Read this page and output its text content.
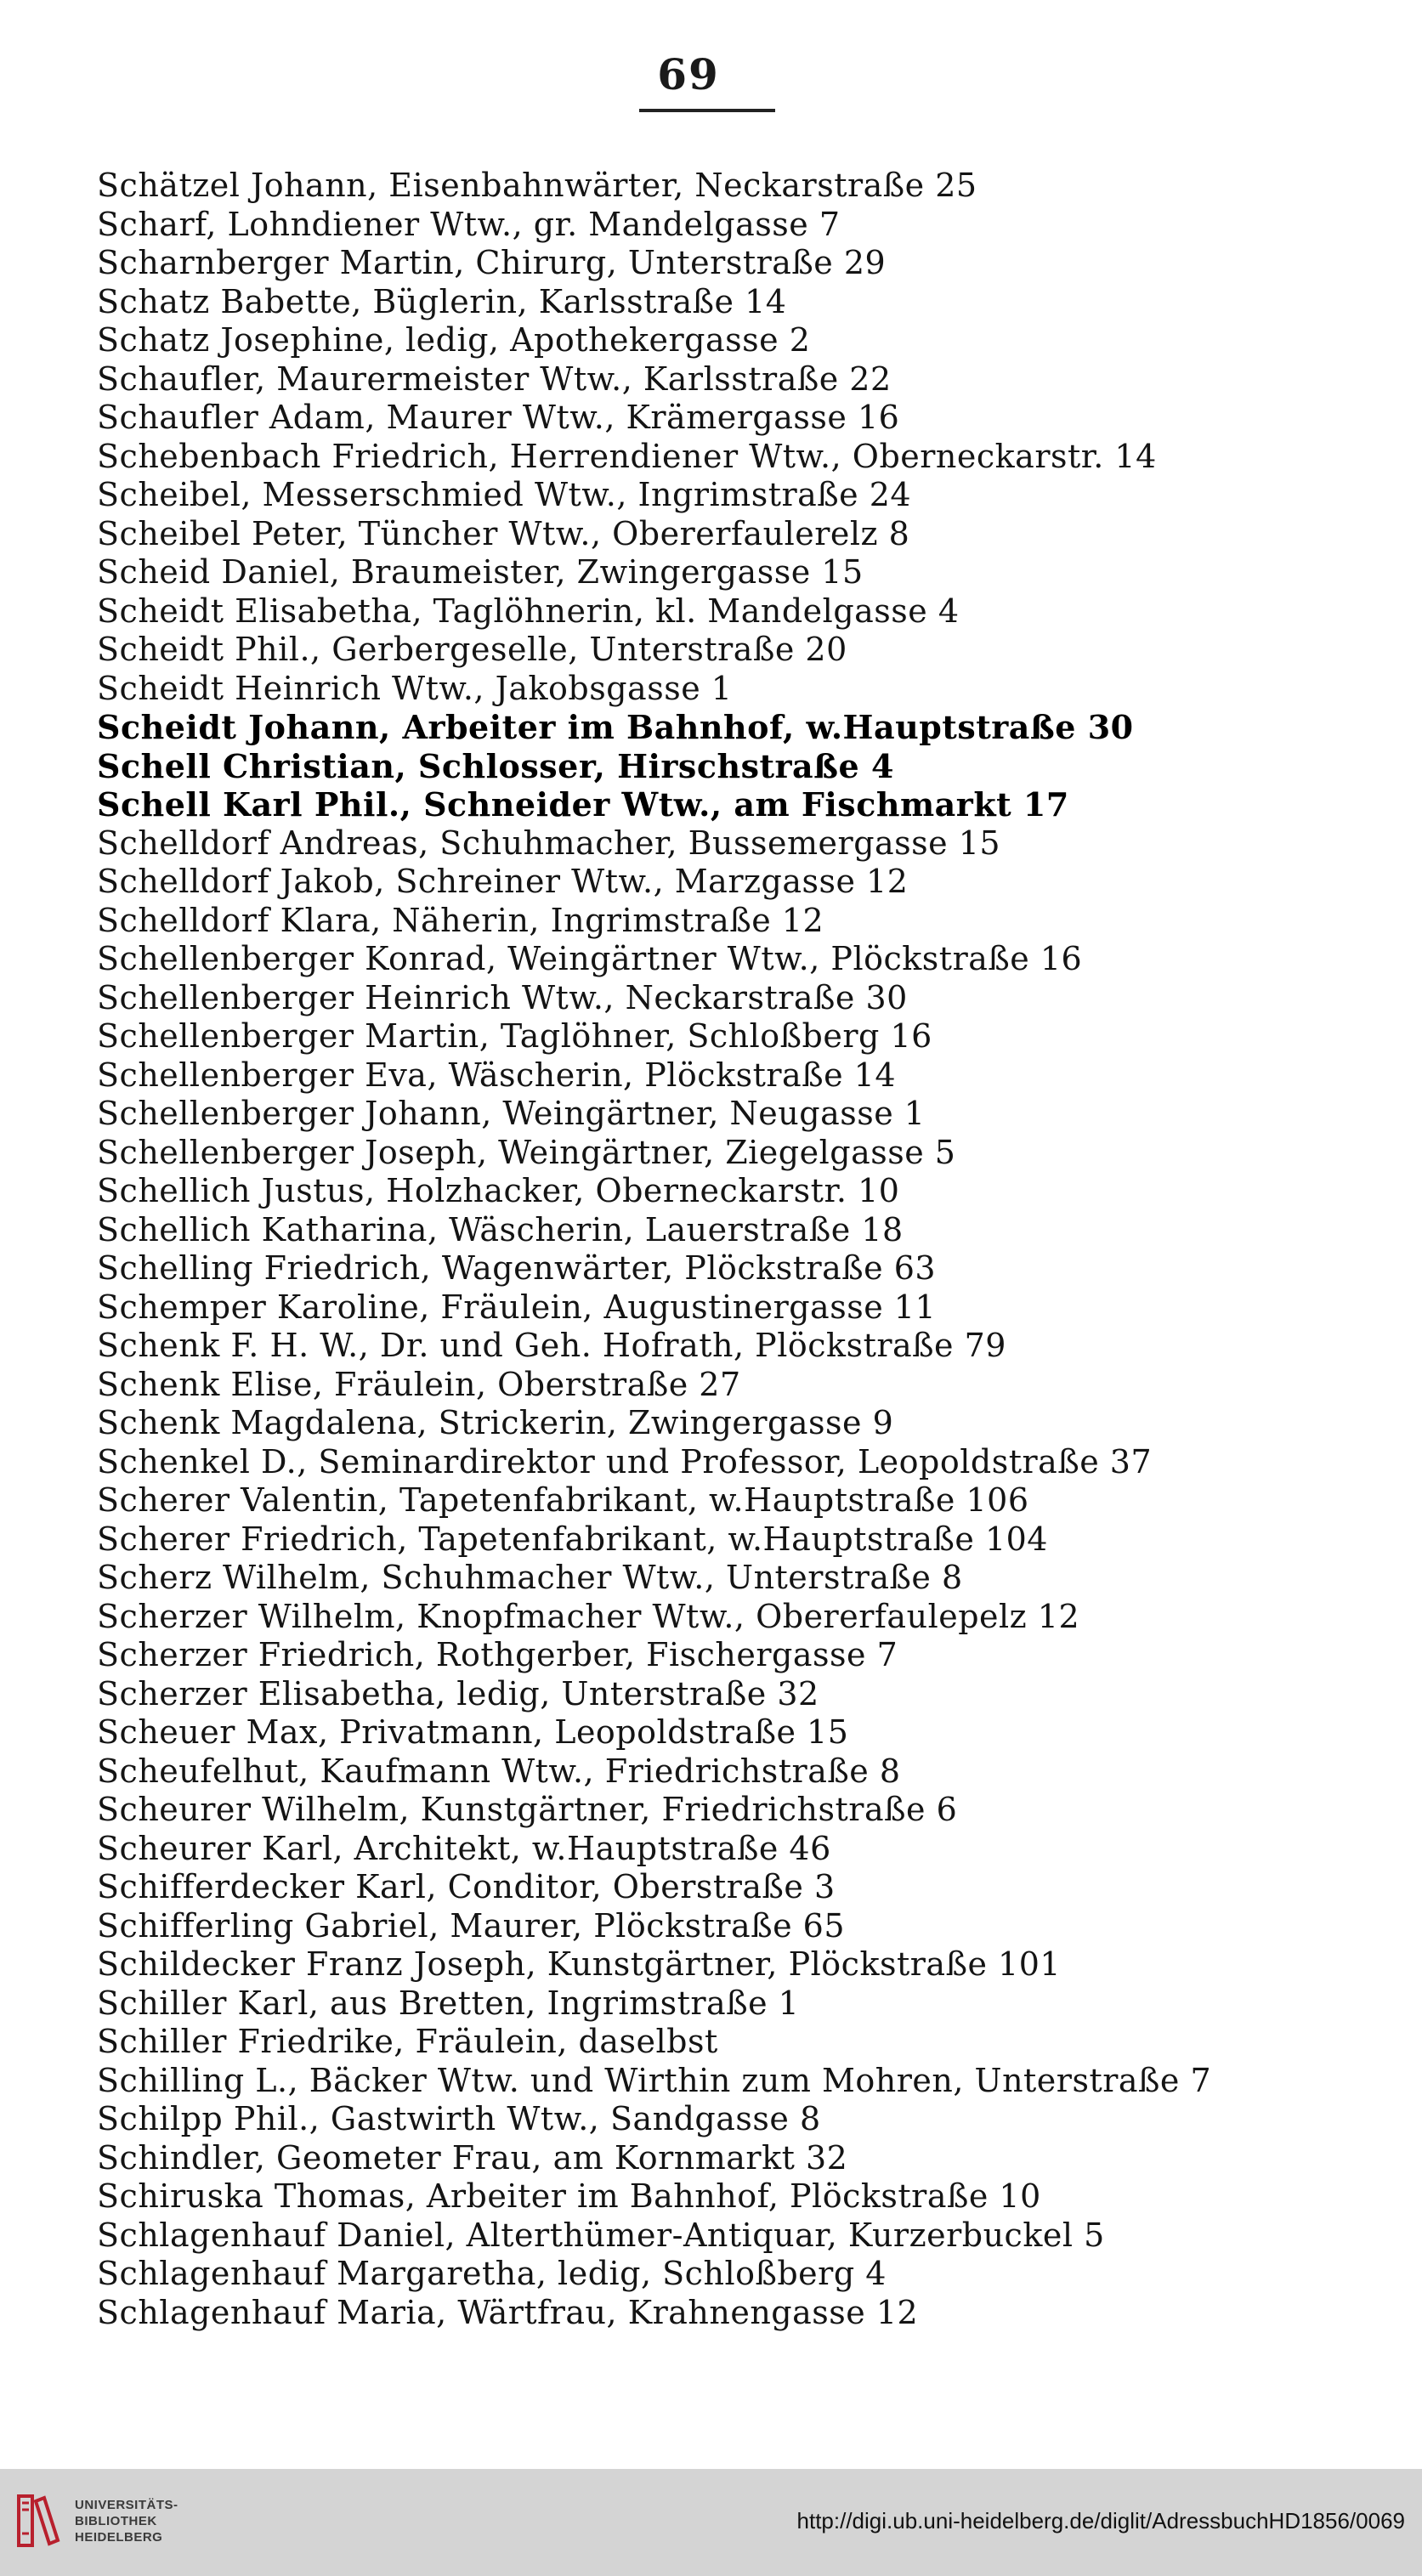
69
Schätzel Johann, Eisenbahnwärter, Neckarstraße 25
Scharf, Lohndiener Wtw., gr. Mandelgasse 7
Scharnberger Martin, Chirurg, Unterstraße 29
Schatz Babette, Büglerin, Karlsstraße 14
Schatz Josephine, ledig, Apothekergasse 2
Schaufler, Maurermeister Wtw., Karlsstraße 22
Schaufler Adam, Maurer Wtw., Krämergasse 16
Schebenbach Friedrich, Herrendiener Wtw., Oberneckarstr. 14
Scheibel, Messerschmied Wtw., Ingrimstraße 24
Scheibel Peter, Tüncher Wtw., Obererfaulerelz 8
Scheid Daniel, Braumeister, Zwingergasse 15
Scheidt Elisabetha, Taglöhnerin, kl. Mandelgasse 4
Scheidt Phil., Gerbergeselle, Unterstraße 20
Scheidt Heinrich Wtw., Jakobsgasse 1
Scheidt Johann, Arbeiter im Bahnhof, w.Hauptstraße 30
Schell Christian, Schlosser, Hirschstraße 4
Schell Karl Phil., Schneider Wtw., am Fischmarkt 17
Schelldorf Andreas, Schuhmacher, Bussemergasse 15
Schelldorf Jakob, Schreiner Wtw., Marzgasse 12
Schelldorf Klara, Näherin, Ingrimstraße 12
Schellenberger Konrad, Weingärtner Wtw., Plöckstraße 16
Schellenberger Heinrich Wtw., Neckarstraße 30
Schellenberger Martin, Taglöhner, Schloßberg 16
Schellenberger Eva, Wäscherin, Plöckstraße 14
Schellenberger Johann, Weingärtner, Neugasse 1
Schellenberger Joseph, Weingärtner, Ziegelgasse 5
Schellich Justus, Holzhacker, Oberneckarstr. 10
Schellich Katharina, Wäscherin, Lauerstraße 18
Schelling Friedrich, Wagenwärter, Plöckstraße 63
Schemper Karoline, Fräulein, Augustinergasse 11
Schenk F. H. W., Dr. und Geh. Hofrath, Plöckstraße 79
Schenk Elise, Fräulein, Oberstraße 27
Schenk Magdalena, Strickerin, Zwingergasse 9
Schenkel D., Seminardirektor und Professor, Leopoldstraße 37
Scherer Valentin, Tapetenfabrikant, w.Hauptstraße 106
Scherer Friedrich, Tapetenfabrikant, w.Hauptstraße 104
Scherz Wilhelm, Schuhmacher Wtw., Unterstraße 8
Scherzer Wilhelm, Knopfmacher Wtw., Obererfaulepelz 12
Scherzer Friedrich, Rothgerber, Fischergasse 7
Scherzer Elisabetha, ledig, Unterstraße 32
Scheuer Max, Privatmann, Leopoldstraße 15
Scheufelhut, Kaufmann Wtw., Friedrichstraße 8
Scheurer Wilhelm, Kunstgärtner, Friedrichstraße 6
Scheurer Karl, Architekt, w.Hauptstraße 46
Schifferdecker Karl, Conditor, Oberstraße 3
Schifferling Gabriel, Maurer, Plöckstraße 65
Schildecker Franz Joseph, Kunstgärtner, Plöckstraße 101
Schiller Karl, aus Bretten, Ingrimstraße 1
Schiller Friedrike, Fräulein, daselbst
Schilling L., Bäcker Wtw. und Wirthin zum Mohren, Unterstraße 7
Schilpp Phil., Gastwirth Wtw., Sandgasse 8
Schindler, Geometer Frau, am Kornmarkt 32
Schiruska Thomas, Arbeiter im Bahnhof, Plöckstraße 10
Schlagenhauf Daniel, Alterthümer-Antiquar, Kurzerbuckel 5
Schlagenhauf Margaretha, ledig, Schloßberg 4
Schlagenhauf Maria, Wärtfrau, Krahnengasse 12
UNIVERSITÄTS-
BIBLIOTHEK
HEIDELBERG
http://digi.ub.uni-heidelberg.de/diglit/AdressbuchHD1856/0069
